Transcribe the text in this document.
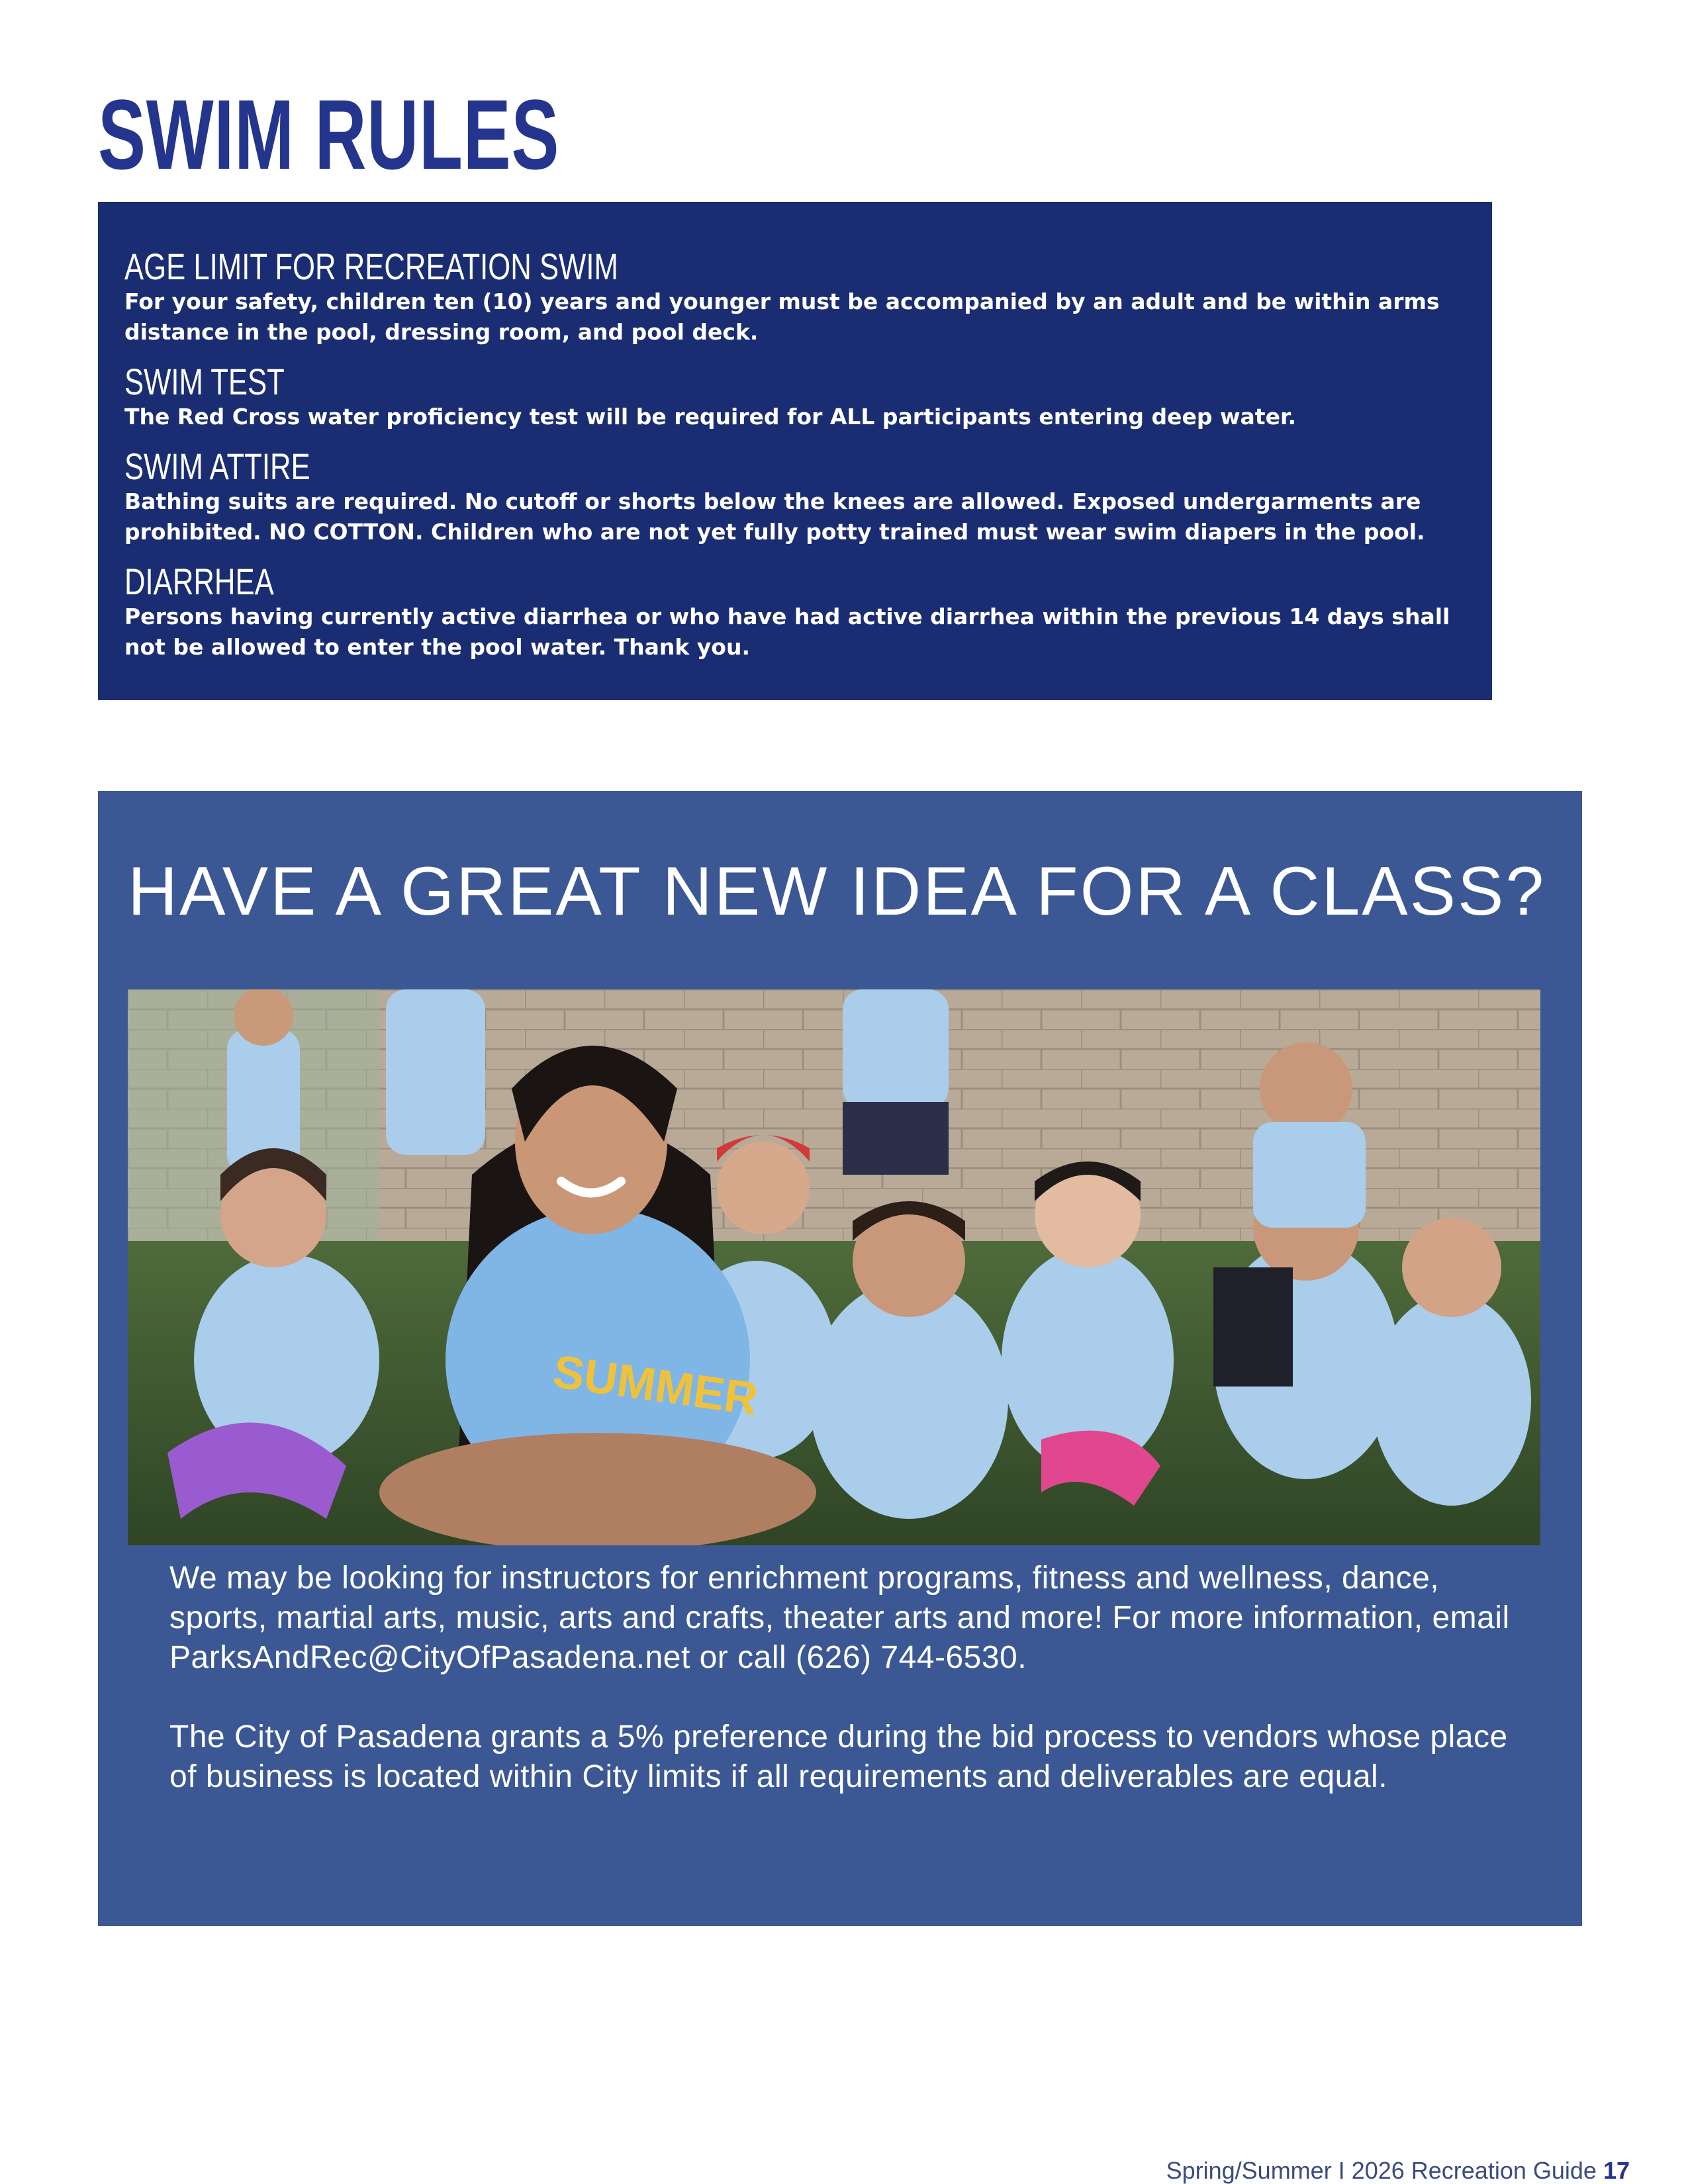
SWIM RULES
AGE LIMIT FOR RECREATION SWIM

For your safety, children ten (10) years and younger must be accompanied by an adult and be within arms distance in the pool, dressing room, and pool deck.

SWIM TEST

The Red Cross water proficiency test will be required for ALL participants entering deep water.

SWIM ATTIRE

Bathing suits are required. No cutoff or shorts below the knees are allowed. Exposed undergarments are prohibited. NO COTTON. Children who are not yet fully potty trained must wear swim diapers in the pool.

DIARRHEA

Persons having currently active diarrhea or who have had active diarrhea within the previous 14 days shall not be allowed to enter the pool water. Thank you.

HAVE A GREAT NEW IDEA FOR A CLASS?
SUMMER

We may be looking for instructors for enrichment programs, fitness and wellness, dance, sports, martial arts, music, arts and crafts, theater arts and more! For more information, email ParksAndRec@CityOfPasadena.net or call (626) 744-6530.

The City of Pasadena grants a 5% preference during the bid process to vendors whose place of business is located within City limits if all requirements and deliverables are equal.

Spring/Summer I 2026 Recreation Guide 17
